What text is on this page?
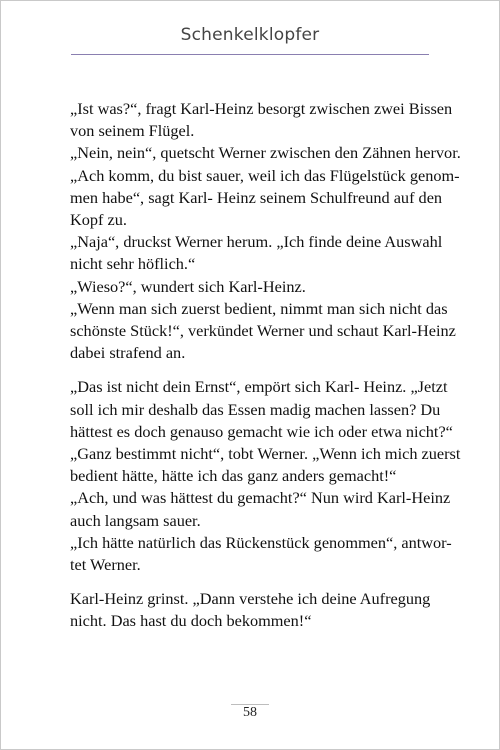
Schenkelklopfer

„Ist was?“, fragt Karl-Heinz besorgt zwischen zwei Bissen
von seinem Flügel.
„Nein, nein“, quetscht Werner zwischen den Zähnen hervor.
„Ach komm, du bist sauer, weil ich das Flügelstück genom-
men habe“, sagt Karl- Heinz seinem Schulfreund auf den
Kopf zu.
„Naja“, druckst Werner herum. „Ich finde deine Auswahl
nicht sehr höflich.“
„Wieso?“, wundert sich Karl-Heinz.
„Wenn man sich zuerst bedient, nimmt man sich nicht das
schönste Stück!“, verkündet Werner und schaut Karl-Heinz
dabei strafend an.

„Das ist nicht dein Ernst“, empört sich Karl- Heinz. „Jetzt
soll ich mir deshalb das Essen madig machen lassen? Du
hättest es doch genauso gemacht wie ich oder etwa nicht?“
„Ganz bestimmt nicht“, tobt Werner. „Wenn ich mich zuerst
bedient hätte, hätte ich das ganz anders gemacht!“
„Ach, und was hättest du gemacht?“ Nun wird Karl-Heinz
auch langsam sauer.
„Ich hätte natürlich das Rückenstück genommen“, antwor-
tet Werner.

Karl-Heinz grinst. „Dann verstehe ich deine Aufregung
nicht. Das hast du doch bekommen!“

58
